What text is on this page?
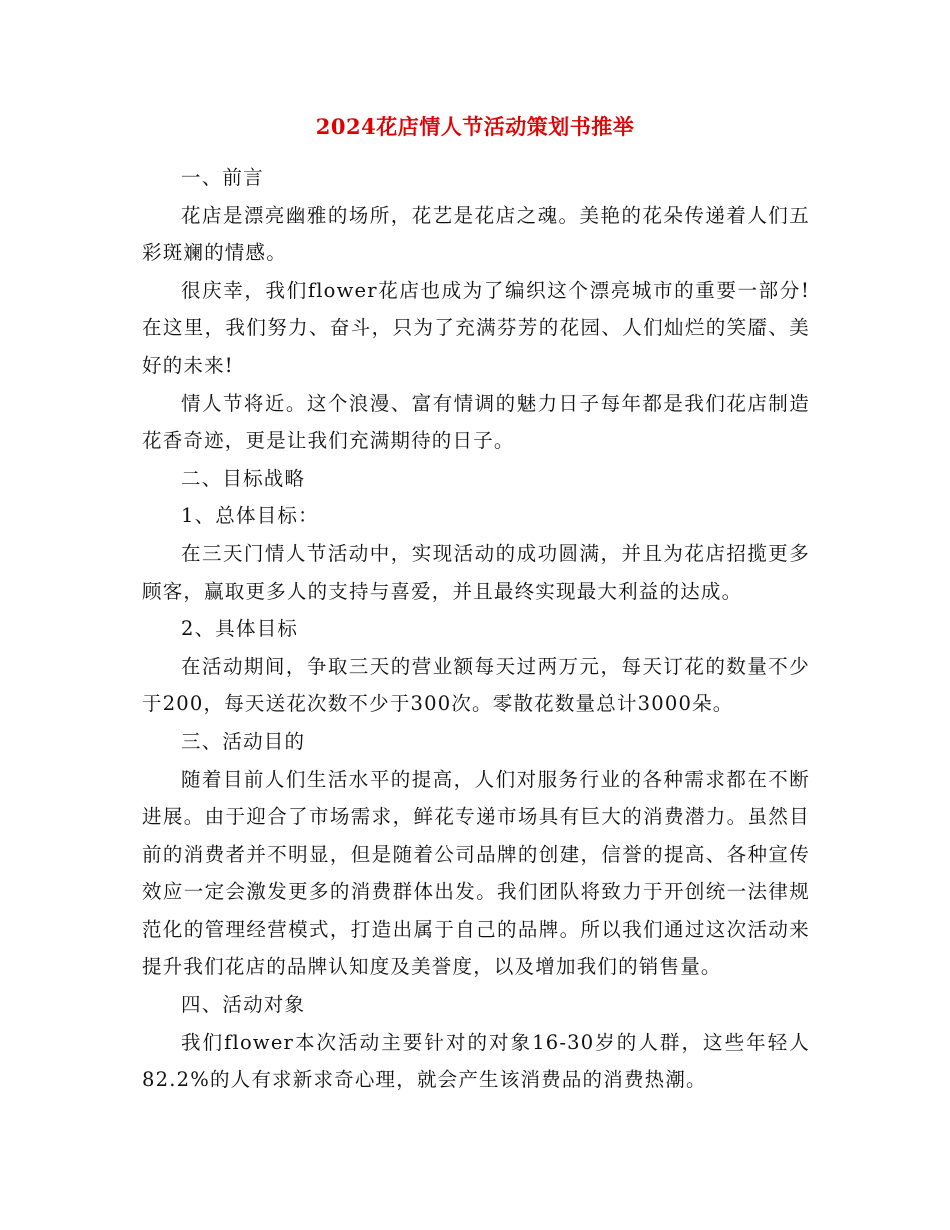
2024花店情人节活动策划书推举

一、前言

花店是漂亮幽雅的场所，花艺是花店之魂。美艳的花朵传递着人们五彩斑斓的情感。

很庆幸，我们flower花店也成为了编织这个漂亮城市的重要一部分!在这里，我们努力、奋斗，只为了充满芬芳的花园、人们灿烂的笑靥、美好的未来!

情人节将近。这个浪漫、富有情调的魅力日子每年都是我们花店制造花香奇迹，更是让我们充满期待的日子。

二、目标战略

1、总体目标：

在三天门情人节活动中，实现活动的成功圆满，并且为花店招揽更多顾客，赢取更多人的支持与喜爱，并且最终实现最大利益的达成。

2、具体目标

在活动期间，争取三天的营业额每天过两万元，每天订花的数量不少于200，每天送花次数不少于300次。零散花数量总计3000朵。

三、活动目的

随着目前人们生活水平的提高，人们对服务行业的各种需求都在不断进展。由于迎合了市场需求，鲜花专递市场具有巨大的消费潜力。虽然目前的消费者并不明显，但是随着公司品牌的创建，信誉的提高、各种宣传效应一定会激发更多的消费群体出发。我们团队将致力于开创统一法律规范化的管理经营模式，打造出属于自己的品牌。所以我们通过这次活动来提升我们花店的品牌认知度及美誉度，以及增加我们的销售量。

四、活动对象

我们flower本次活动主要针对的对象16-30岁的人群，这些年轻人82.2%的人有求新求奇心理，就会产生该消费品的消费热潮。
